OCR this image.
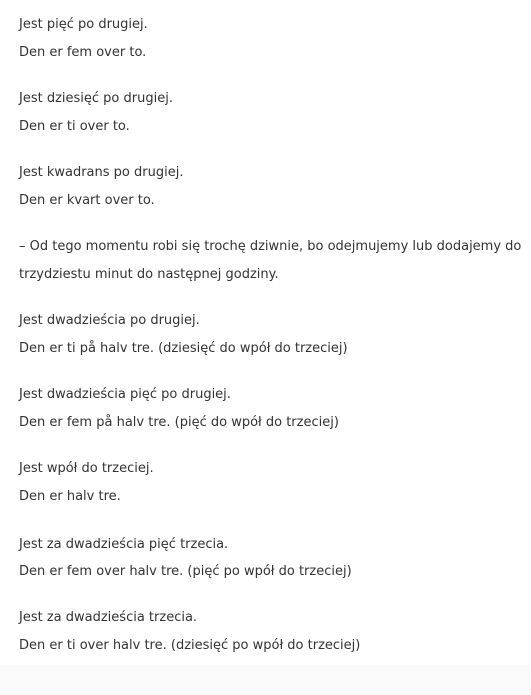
Jest pięć po drugiej.
Den er fem over to.
Jest dziesięć po drugiej.
Den er ti over to.
Jest kwadrans po drugiej.
Den er kvart over to.
– Od tego momentu robi się trochę dziwnie, bo odejmujemy lub dodajemy do
trzydziestu minut do następnej godziny.
Jest dwadzieścia po drugiej.
Den er ti på halv tre. (dziesięć do wpół do trzeciej)
Jest dwadzieścia pięć po drugiej.
Den er fem på halv tre. (pięć do wpół do trzeciej)
Jest wpół do trzeciej.
Den er halv tre.
Jest za dwadzieścia pięć trzecia.
Den er fem over halv tre. (pięć po wpół do trzeciej)
Jest za dwadzieścia trzecia.
Den er ti over halv tre. (dziesięć po wpół do trzeciej)
